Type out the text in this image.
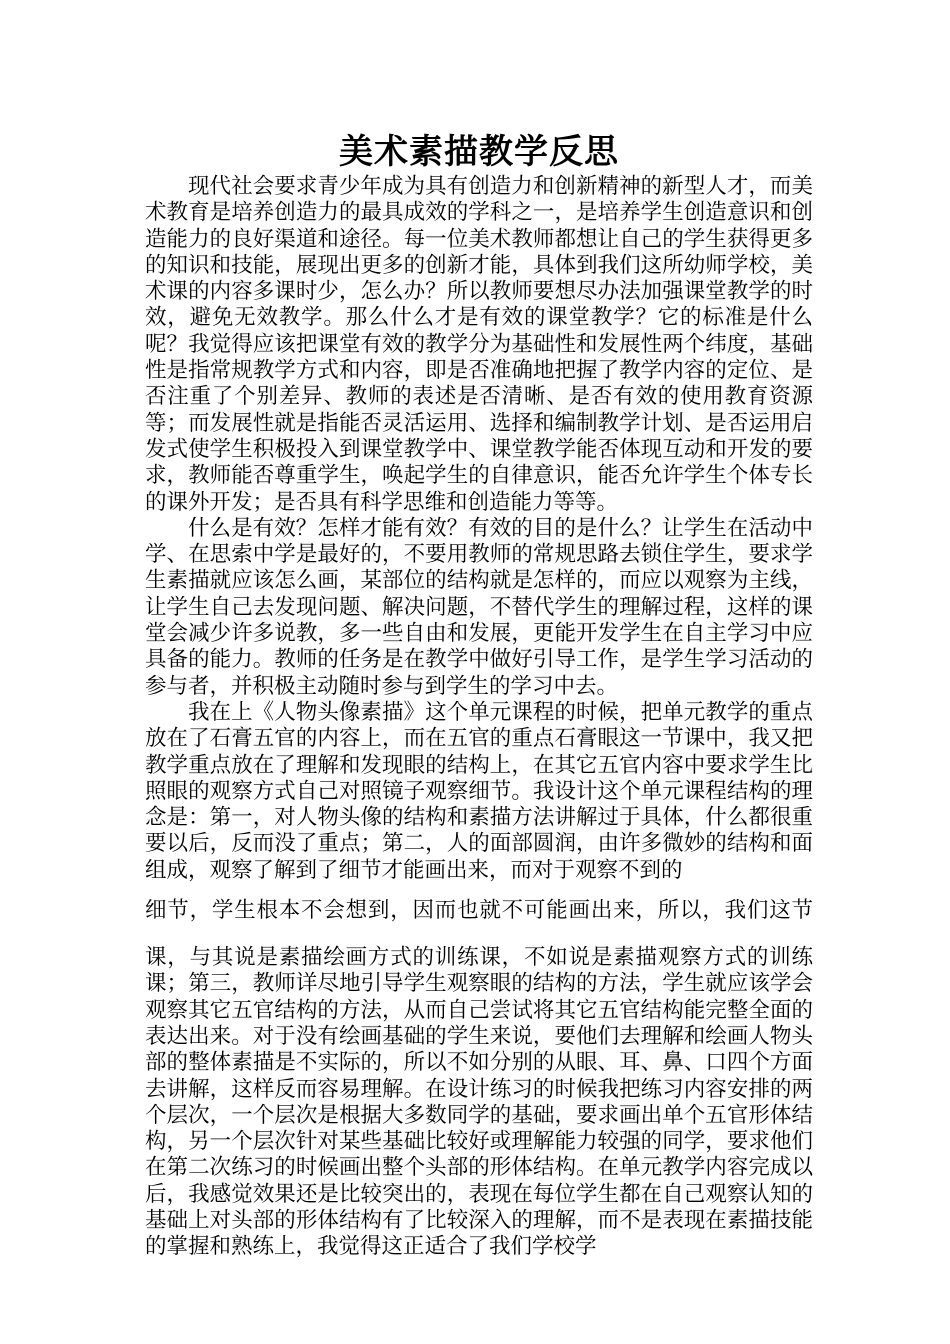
美术素描教学反思

现代社会要求青少年成为具有创造力和创新精神的新型人才，而美术教育是培养创造力的最具成效的学科之一，是培养学生创造意识和创造能力的良好渠道和途径。每一位美术教师都想让自己的学生获得更多的知识和技能，展现出更多的创新才能，具体到我们这所幼师学校，美术课的内容多课时少，怎么办？所以教师要想尽办法加强课堂教学的时效，避免无效教学。那么什么才是有效的课堂教学？它的标准是什么呢？我觉得应该把课堂有效的教学分为基础性和发展性两个纬度，基础性是指常规教学方式和内容，即是否准确地把握了教学内容的定位、是否注重了个别差异、教师的表述是否清晰、是否有效的使用教育资源等；而发展性就是指能否灵活运用、选择和编制教学计划、是否运用启发式使学生积极投入到课堂教学中、课堂教学能否体现互动和开发的要求，教师能否尊重学生，唤起学生的自律意识，能否允许学生个体专长的课外开发；是否具有科学思维和创造能力等等。

什么是有效？怎样才能有效？有效的目的是什么？让学生在活动中学、在思索中学是最好的，不要用教师的常规思路去锁住学生，要求学生素描就应该怎么画，某部位的结构就是怎样的，而应以观察为主线，让学生自己去发现问题、解决问题，不替代学生的理解过程，这样的课堂会减少许多说教，多一些自由和发展，更能开发学生在自主学习中应具备的能力。教师的任务是在教学中做好引导工作，是学生学习活动的参与者，并积极主动随时参与到学生的学习中去。

我在上《人物头像素描》这个单元课程的时候，把单元教学的重点放在了石膏五官的内容上，而在五官的重点石膏眼这一节课中，我又把教学重点放在了理解和发现眼的结构上，在其它五官内容中要求学生比照眼的观察方式自己对照镜子观察细节。我设计这个单元课程结构的理念是：第一，对人物头像的结构和素描方法讲解过于具体，什么都很重要以后，反而没了重点；第二，人的面部圆润，由许多微妙的结构和面组成，观察了解到了细节才能画出来，而对于观察不到的

细节，学生根本不会想到，因而也就不可能画出来，所以，我们这节

课，与其说是素描绘画方式的训练课，不如说是素描观察方式的训练课；第三，教师详尽地引导学生观察眼的结构的方法，学生就应该学会观察其它五官结构的方法，从而自己尝试将其它五官结构能完整全面的表达出来。对于没有绘画基础的学生来说，要他们去理解和绘画人物头部的整体素描是不实际的，所以不如分别的从眼、耳、鼻、口四个方面去讲解，这样反而容易理解。在设计练习的时候我把练习内容安排的两个层次，一个层次是根据大多数同学的基础，要求画出单个五官形体结构，另一个层次针对某些基础比较好或理解能力较强的同学，要求他们在第二次练习的时候画出整个头部的形体结构。在单元教学内容完成以后，我感觉效果还是比较突出的，表现在每位学生都在自己观察认知的基础上对头部的形体结构有了比较深入的理解，而不是表现在素描技能的掌握和熟练上，我觉得这正适合了我们学校学
